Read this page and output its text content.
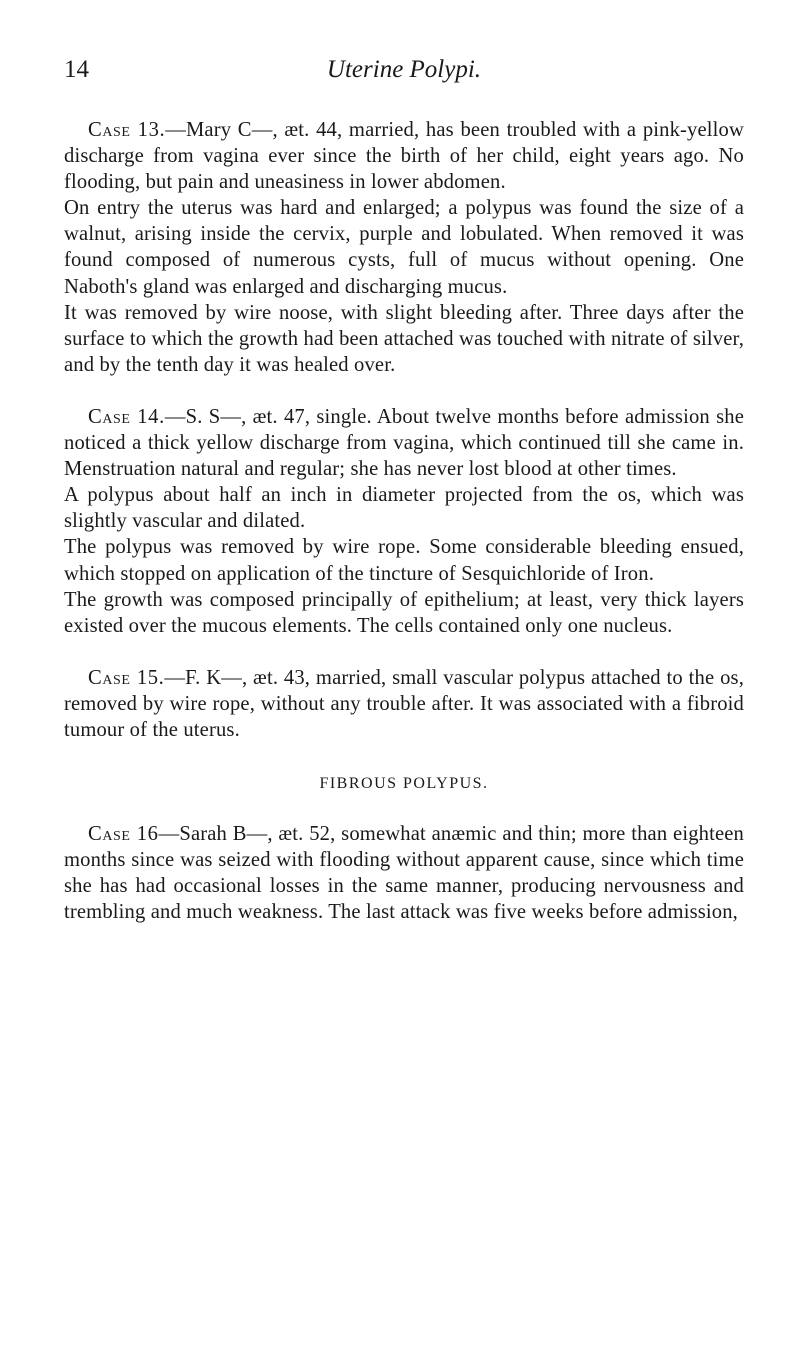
14	Uterine Polypi.

Case 13.—Mary C—, æt. 44, married, has been troubled with a pink-yellow discharge from vagina ever since the birth of her child, eight years ago. No flooding, but pain and uneasiness in lower abdomen.

On entry the uterus was hard and enlarged; a polypus was found the size of a walnut, arising inside the cervix, purple and lobulated. When removed it was found composed of numerous cysts, full of mucus without opening. One Naboth's gland was enlarged and discharging mucus.

It was removed by wire noose, with slight bleeding after. Three days after the surface to which the growth had been attached was touched with nitrate of silver, and by the tenth day it was healed over.

Case 14.—S. S—, æt. 47, single. About twelve months before admission she noticed a thick yellow discharge from vagina, which continued till she came in. Menstruation natural and regular; she has never lost blood at other times.

A polypus about half an inch in diameter projected from the os, which was slightly vascular and dilated.

The polypus was removed by wire rope. Some considerable bleeding ensued, which stopped on application of the tincture of Sesquichloride of Iron.

The growth was composed principally of epithelium; at least, very thick layers existed over the mucous elements. The cells contained only one nucleus.

Case 15.—F. K—, æt. 43, married, small vascular polypus attached to the os, removed by wire rope, without any trouble after. It was associated with a fibroid tumour of the uterus.

FIBROUS POLYPUS.

Case 16—Sarah B—, æt. 52, somewhat anæmic and thin; more than eighteen months since was seized with flooding without apparent cause, since which time she has had occasional losses in the same manner, producing nervousness and trembling and much weakness. The last attack was five weeks before admission,
